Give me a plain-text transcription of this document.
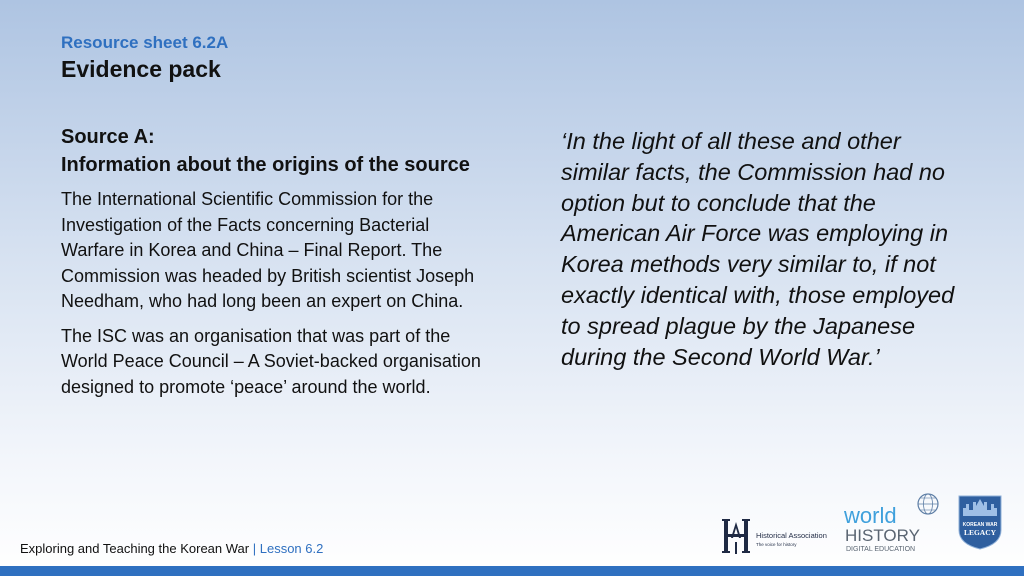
Resource sheet 6.2A
Evidence pack
Source A:
Information about the origins of the source

The International Scientific Commission for the Investigation of the Facts concerning Bacterial Warfare in Korea and China – Final Report. The Commission was headed by British scientist Joseph Needham, who had long been an expert on China.

The ISC was an organisation that was part of the World Peace Council – A Soviet-backed organisation designed to promote ‘peace’ around the world.

‘In the light of all these and other similar facts, the Commission had no option but to conclude that the American Air Force was employing in Korea methods very similar to, if not exactly identical with, those employed to spread plague by the Japanese during the Second World War.’
Exploring and Teaching the Korean War | Lesson 6.2
Historical Association
The voice for history
world
HISTORY
DIGITAL EDUCATION
KOREAN WAR
LEGACY
